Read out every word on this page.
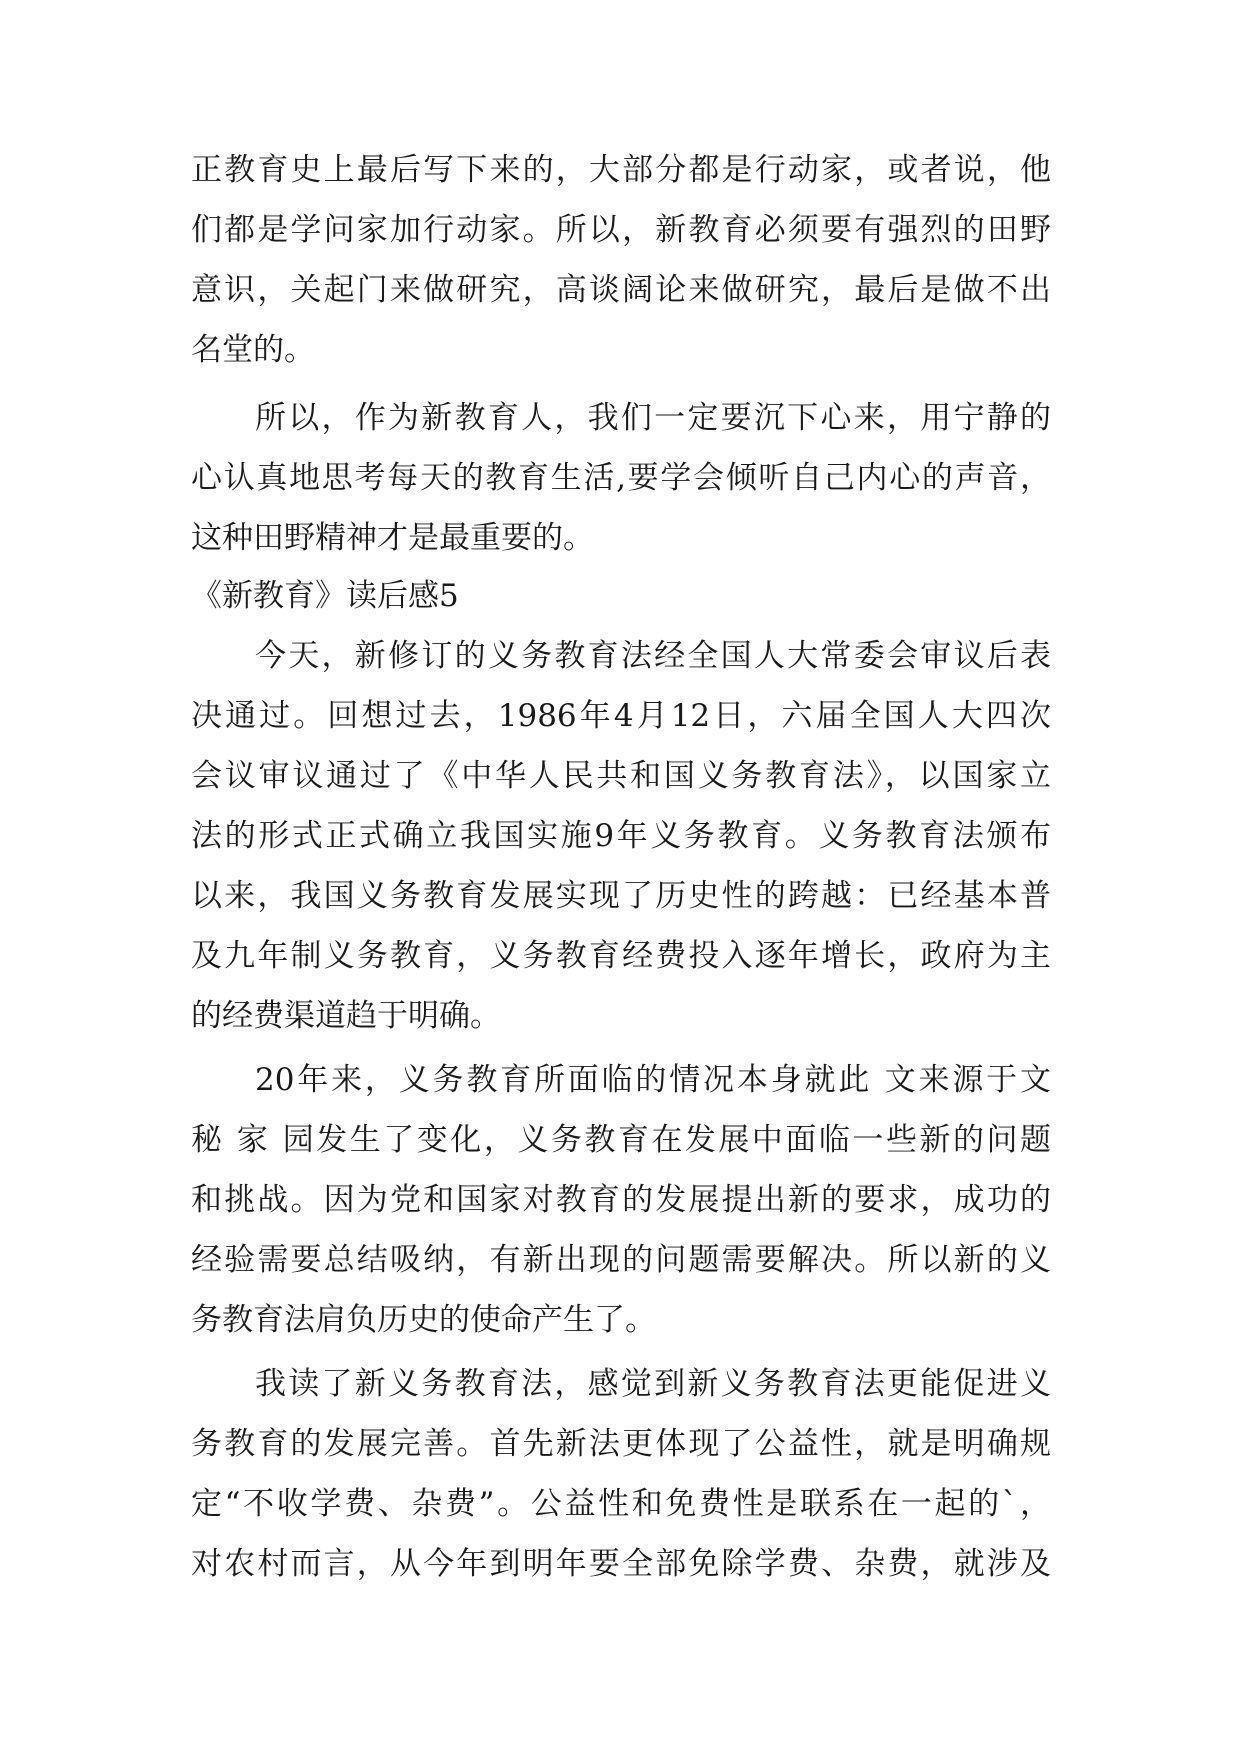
正教育史上最后写下来的，大部分都是行动家，或者说，他
们都是学问家加行动家。所以，新教育必须要有强烈的田野
意识，关起门来做研究，高谈阔论来做研究，最后是做不出
名堂的。
所以，作为新教育人，我们一定要沉下心来，用宁静的
心认真地思考每天的教育生活,要学会倾听自己内心的声音，
这种田野精神才是最重要的。
《新教育》读后感5
今天，新修订的义务教育法经全国人大常委会审议后表
决通过。回想过去，1986年4月12日，六届全国人大四次
会议审议通过了《中华人民共和国义务教育法》，以国家立
法的形式正式确立我国实施9年义务教育。义务教育法颁布
以来，我国义务教育发展实现了历史性的跨越：已经基本普
及九年制义务教育，义务教育经费投入逐年增长，政府为主
的经费渠道趋于明确。
20年来，义务教育所面临的情况本身就此 文来源于文
秘 家 园发生了变化，义务教育在发展中面临一些新的问题
和挑战。因为党和国家对教育的发展提出新的要求，成功的
经验需要总结吸纳，有新出现的问题需要解决。所以新的义
务教育法肩负历史的使命产生了。
我读了新义务教育法，感觉到新义务教育法更能促进义
务教育的发展完善。首先新法更体现了公益性，就是明确规
定“不收学费、杂费”。公益性和免费性是联系在一起的`，
对农村而言，从今年到明年要全部免除学费、杂费，就涉及
